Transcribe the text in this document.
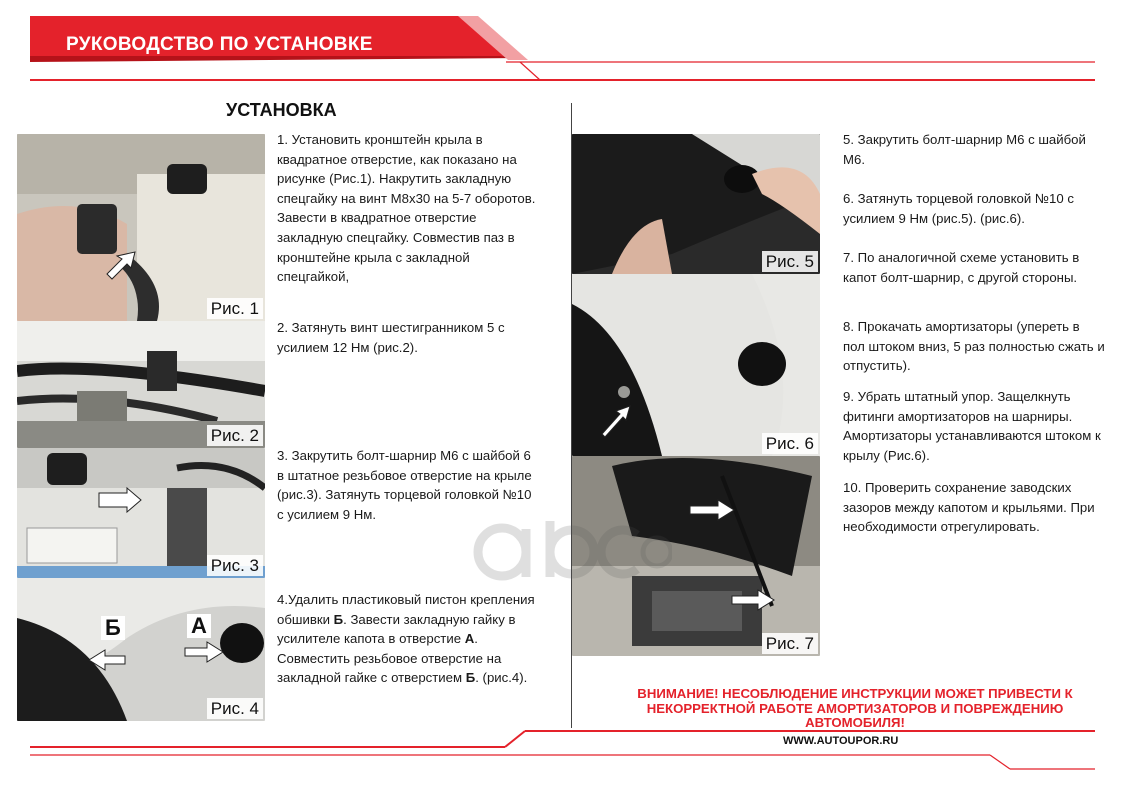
РУКОВОДСТВО ПО УСТАНОВКЕ
УСТАНОВКА
Рис. 1
Рис. 2
Рис. 3
Б	А
Рис. 4
Рис. 5
Рис. 6
Рис. 7
1. Установить кронштейн крыла в квадратное отверстие, как показано на рисунке (Рис.1). Накрутить закладную спецгайку на винт М8х30 на 5-7 оборотов. Завести в квадратное отверстие закладную спецгайку. Совместив паз в кронштейне крыла с закладной спецгайкой,
2. Затянуть винт шестигранником 5 с усилием 12 Нм (рис.2).
3. Закрутить болт-шарнир М6 с шайбой 6 в штатное резьбовое отверстие на крыле (рис.3). Затянуть торцевой головкой №10 с усилием 9 Нм.
4.Удалить пластиковый пистон крепления обшивки Б. Завести закладную гайку в усилителе капота в отверстие А. Совместить резьбовое отверстие на закладной гайке с отверстием Б. (рис.4).
5. Закрутить болт-шарнир М6 с шайбой М6.
6. Затянуть торцевой головкой №10 с усилием 9 Нм (рис.5). (рис.6).
7. По аналогичной схеме установить в капот болт-шарнир, с другой стороны.
8. Прокачать амортизаторы (упереть в пол штоком вниз, 5 раз полностью сжать и отпустить).
9. Убрать штатный упор. Защелкнуть фитинги амортизаторов на шарниры. Амортизаторы устанавливаются штоком к крылу (Рис.6).
10. Проверить сохранение заводских зазоров между капотом и крыльями. При необходимости отрегулировать.
ВНИМАНИЕ! НЕСОБЛЮДЕНИЕ ИНСТРУКЦИИ МОЖЕТ ПРИВЕСТИ К НЕКОРРЕКТНОЙ РАБОТЕ АМОРТИЗАТОРОВ И ПОВРЕЖДЕНИЮ АВТОМОБИЛЯ!
WWW.AUTOUPOR.RU
